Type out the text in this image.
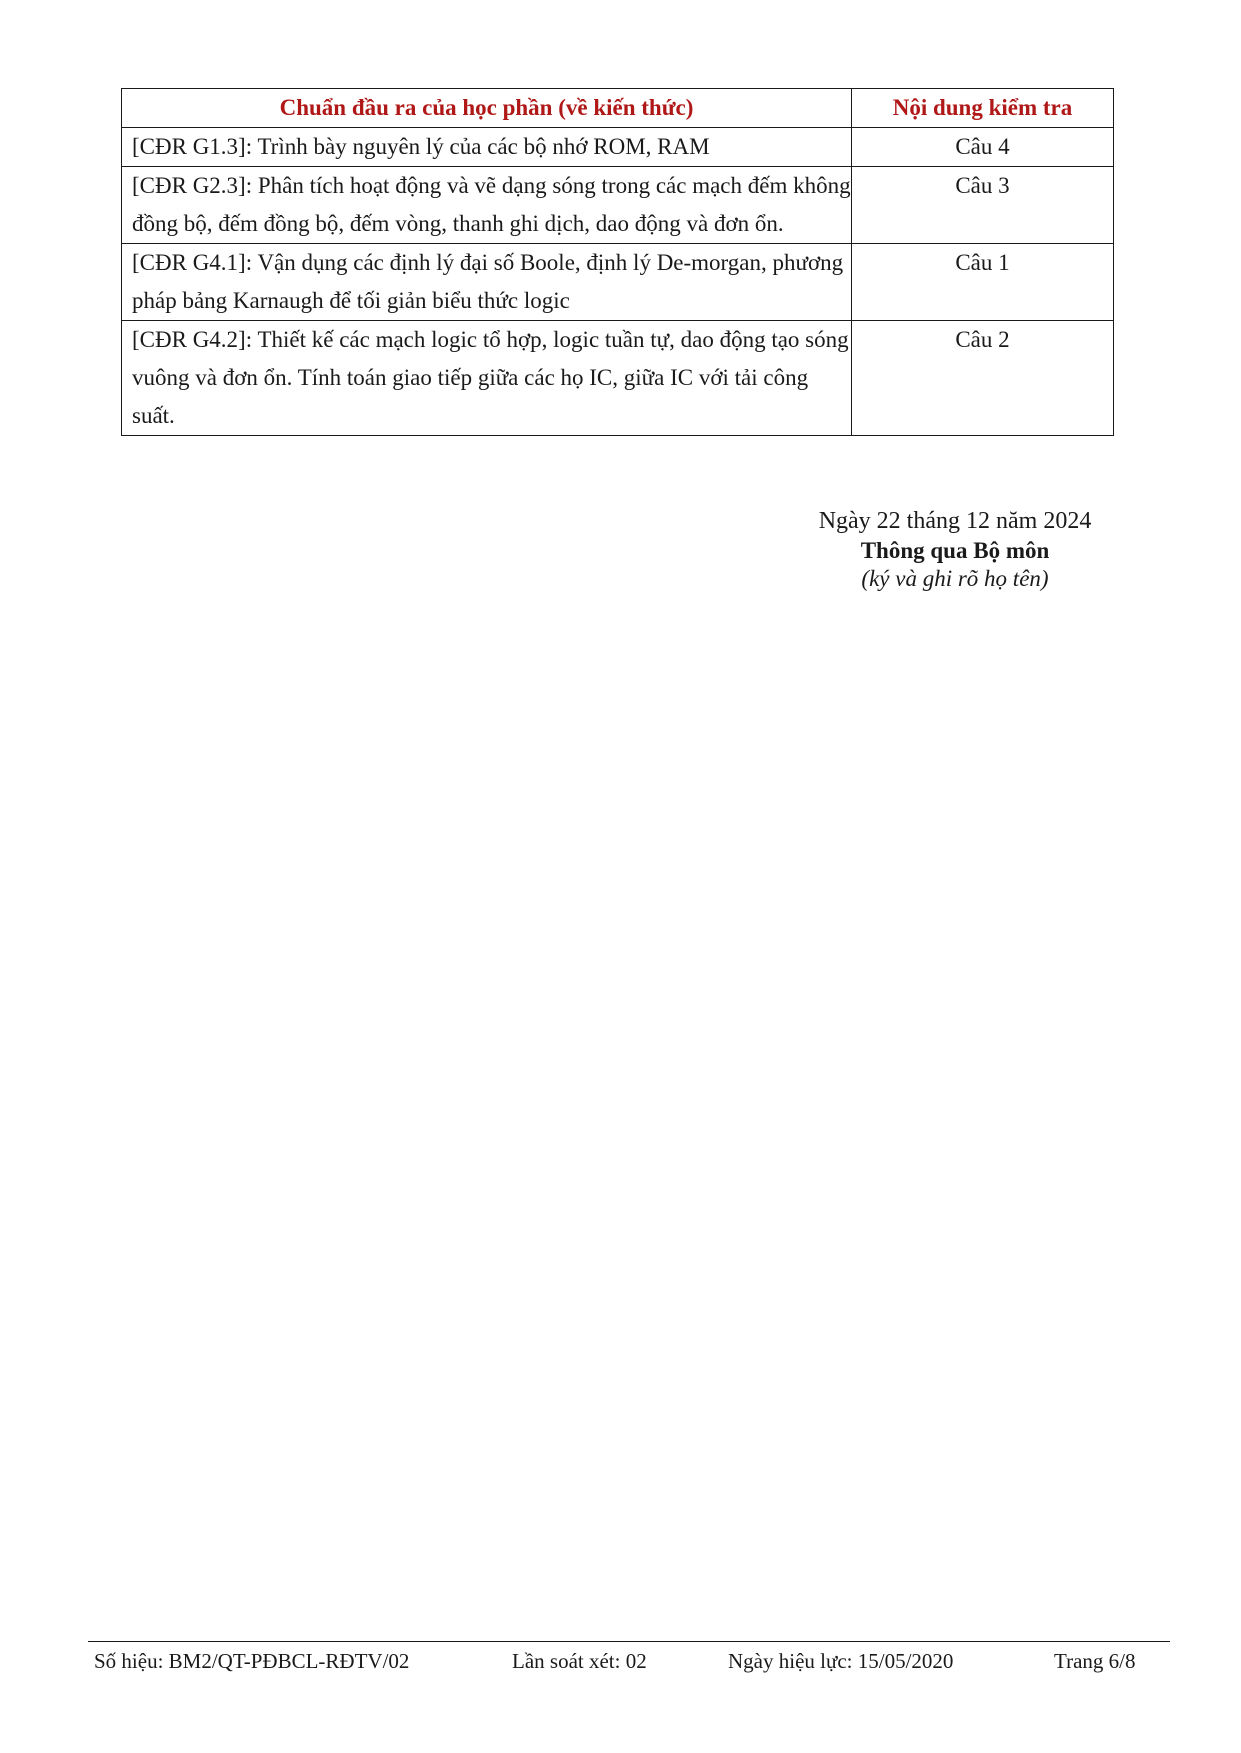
Chuẩn đầu ra của học phần (về kiến thức)	Nội dung kiểm tra
[CĐR G1.3]: Trình bày nguyên lý của các bộ nhớ ROM, RAM	Câu 4
[CĐR G2.3]: Phân tích hoạt động và vẽ dạng sóng trong các mạch đếm không đồng bộ, đếm đồng bộ, đếm vòng, thanh ghi dịch, dao động và đơn ổn.	Câu 3
[CĐR G4.1]: Vận dụng các định lý đại số Boole, định lý De-morgan, phương pháp bảng Karnaugh để tối giản biểu thức logic	Câu 1
[CĐR G4.2]: Thiết kế các mạch logic tổ hợp, logic tuần tự, dao động tạo sóng vuông và đơn ổn. Tính toán giao tiếp giữa các họ IC, giữa IC với tải công suất.	Câu 2
Ngày 22 tháng 12 năm 2024
Thông qua Bộ môn
(ký và ghi rõ họ tên)
Số hiệu: BM2/QT-PĐBCL-RĐTV/02	Lần soát xét: 02	Ngày hiệu lực: 15/05/2020	Trang 6/8
